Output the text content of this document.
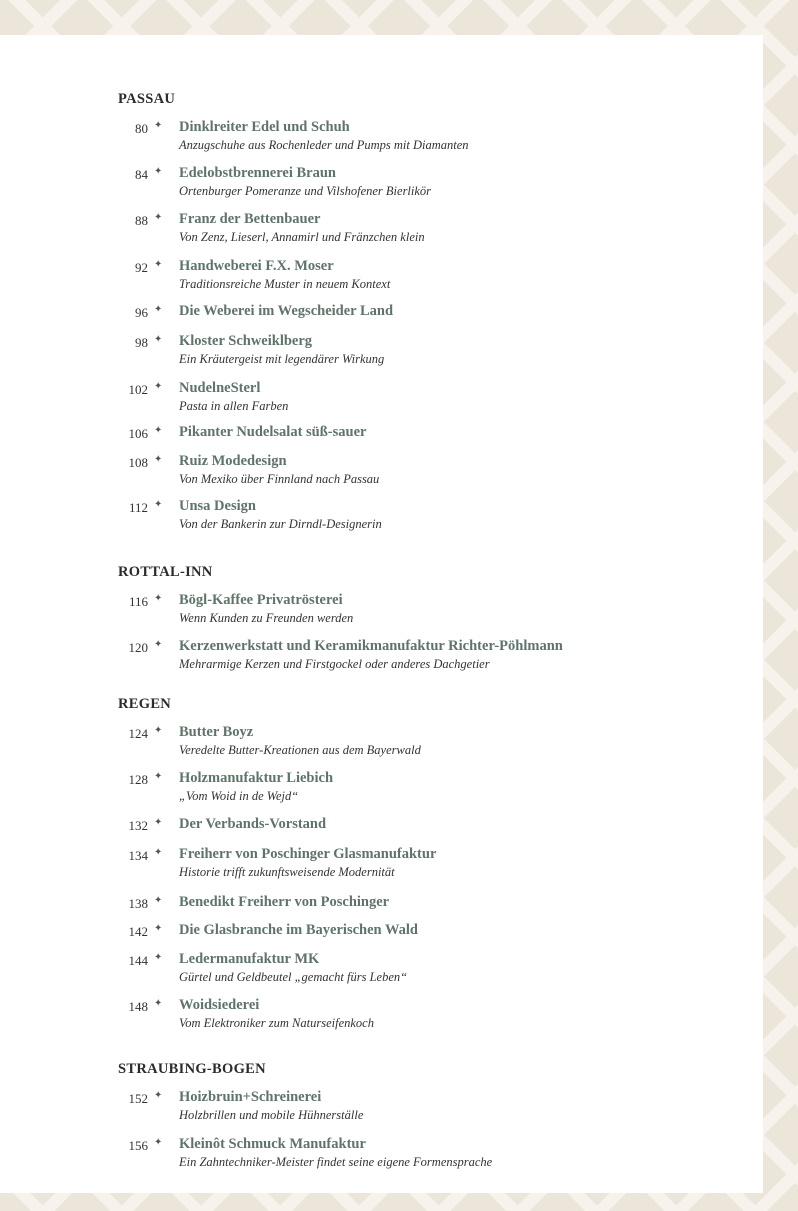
PASSAU
80 ✦ Dinklreiter Edel und Schuh
Anzugschuhe aus Rochenleder und Pumps mit Diamanten
84 ✦ Edelobstbrennerei Braun
Ortenburger Pomeranze und Vilshofener Bierlikör
88 ✦ Franz der Bettenbauer
Von Zenz, Lieserl, Annamirl und Fränzchen klein
92 ✦ Handweberei F.X. Moser
Traditionsreiche Muster in neuem Kontext
96 ✦ Die Weberei im Wegscheider Land
98 ✦ Kloster Schweiklberg
Ein Kräutergeist mit legendärer Wirkung
102 ✦ NudelneSterl
Pasta in allen Farben
106 ✦ Pikanter Nudelsalat süß-sauer
108 ✦ Ruiz Modedesign
Von Mexiko über Finnland nach Passau
112 ✦ Unsa Design
Von der Bankerin zur Dirndl-Designerin
ROTTAL-INN
116 ✦ Bögl-Kaffee Privatrösterei
Wenn Kunden zu Freunden werden
120 ✦ Kerzenwerkstatt und Keramikmanufaktur Richter-Pöhlmann
Mehrarmige Kerzen und Firstgockel oder anderes Dachgetier
REGEN
124 ✦ Butter Boyz
Veredelte Butter-Kreationen aus dem Bayerwald
128 ✦ Holzmanufaktur Liebich
„Vom Woid in de Wejd“
132 ✦ Der Verbands-Vorstand
134 ✦ Freiherr von Poschinger Glasmanufaktur
Historie trifft zukunftsweisende Modernität
138 ✦ Benedikt Freiherr von Poschinger
142 ✦ Die Glasbranche im Bayerischen Wald
144 ✦ Ledermanufaktur MK
Gürtel und Geldbeutel „gemacht fürs Leben“
148 ✦ Woidsiederei
Vom Elektroniker zum Naturseifenkoch
STRAUBING-BOGEN
152 ✦ Hoizbruin+Schreinerei
Holzbrillen und mobile Hühnerställe
156 ✦ Kleinôt Schmuck Manufaktur
Ein Zahntechniker-Meister findet seine eigene Formensprache
